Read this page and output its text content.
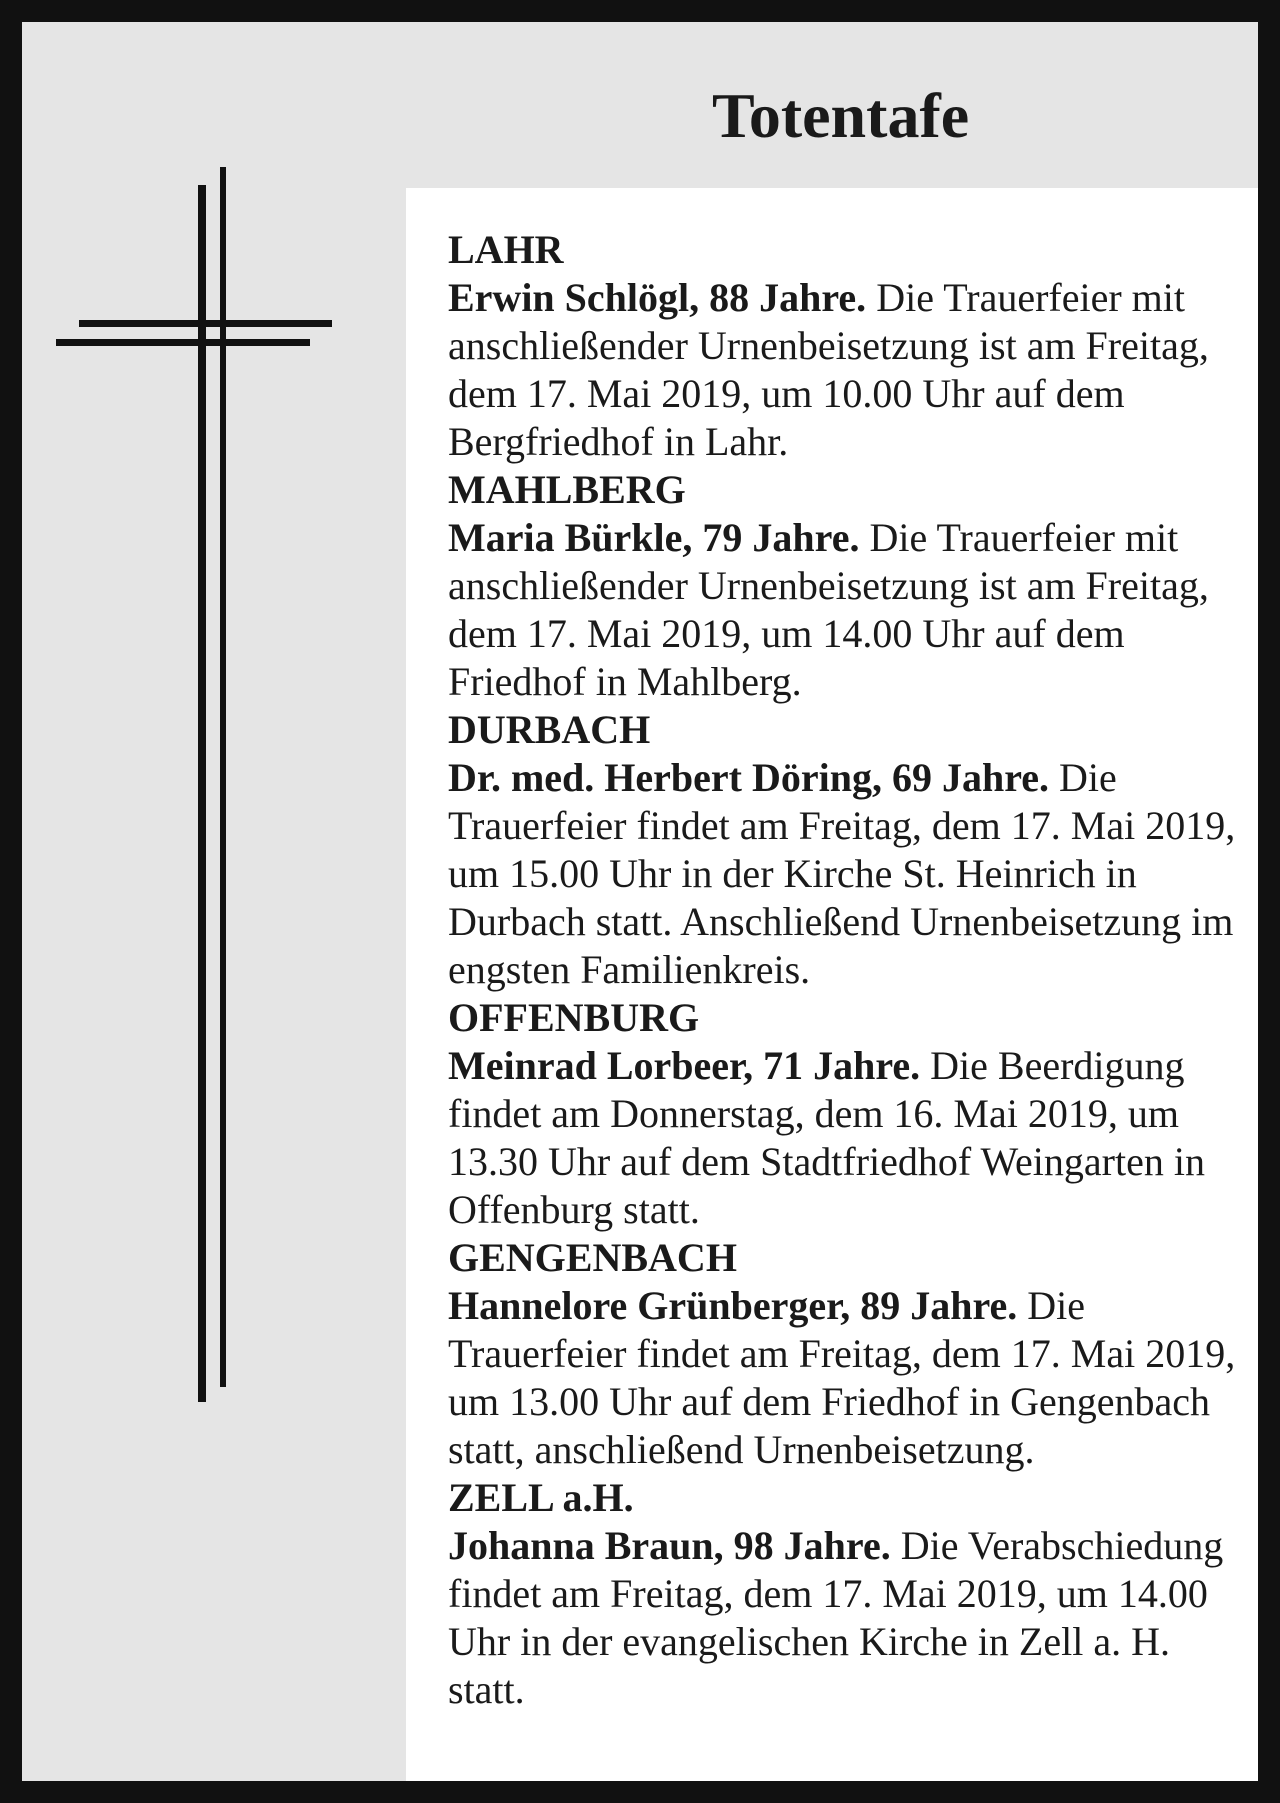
Totentafe

LAHR
Erwin Schlögl, 88 Jahre. Die Trauerfeier mit anschließender Urnenbeisetzung ist am Freitag, dem 17. Mai 2019, um 10.00 Uhr auf dem Bergfriedhof in Lahr.

MAHLBERG
Maria Bürkle, 79 Jahre. Die Trauerfeier mit anschließender Urnenbeisetzung ist am Freitag, dem 17. Mai 2019, um 14.00 Uhr auf dem Friedhof in Mahlberg.

DURBACH
Dr. med. Herbert Döring, 69 Jahre. Die Trauerfeier findet am Freitag, dem 17. Mai 2019, um 15.00 Uhr in der Kirche St. Heinrich in Durbach statt. Anschließend Urnenbeisetzung im engsten Familienkreis.

OFFENBURG
Meinrad Lorbeer, 71 Jahre. Die Beerdigung findet am Donnerstag, dem 16. Mai 2019, um 13.30 Uhr auf dem Stadtfriedhof Weingarten in Offenburg statt.

GENGENBACH
Hannelore Grünberger, 89 Jahre. Die Trauerfeier findet am Freitag, dem 17. Mai 2019, um 13.00 Uhr auf dem Friedhof in Gengenbach statt, anschließend Urnenbeisetzung.

ZELL a.H.
Johanna Braun, 98 Jahre. Die Verabschiedung findet am Freitag, dem 17. Mai 2019, um 14.00 Uhr in der evangelischen Kirche in Zell a. H. statt.
